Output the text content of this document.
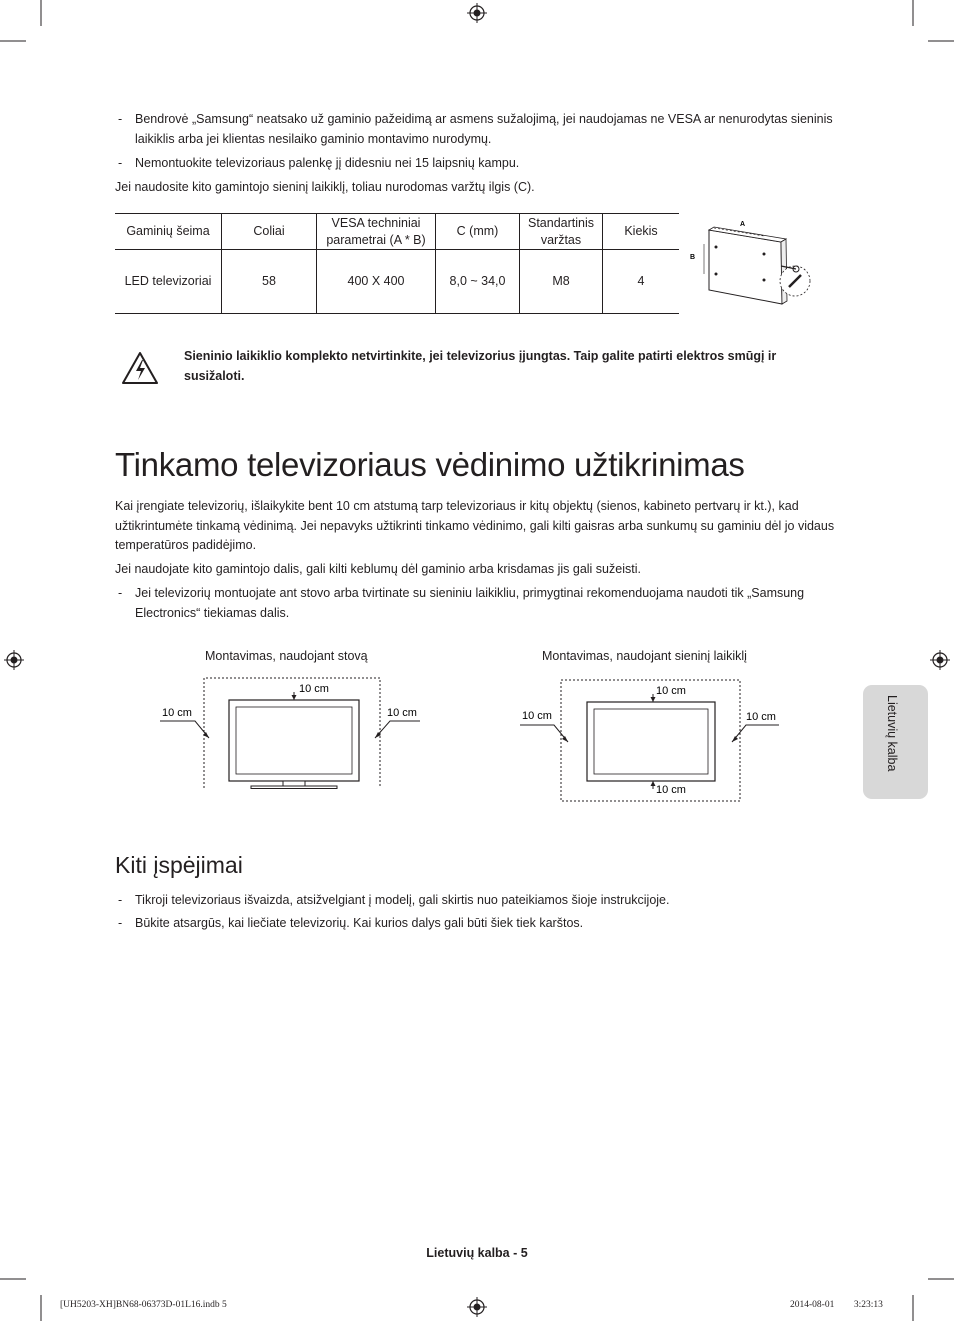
- Bendrovė „Samsung“ neatsako už gaminio pažeidimą ar asmens sužalojimą, jei naudojamas ne VESA ar nenurodytas sieninis laikiklis arba jei klientas nesilaiko gaminio montavimo nurodymų.
- Nemontuokite televizoriaus palenkę jį didesniu nei 15 laipsnių kampu.
Jei naudosite kito gamintojo sieninį laikiklį, toliau nurodomas varžtų ilgis (C).
Gaminių šeima	Coliai	VESA techniniai parametrai (A * B)	C (mm)	Standartinis varžtas	Kiekis
LED televizoriai	58	400 X 400	8,0 ~ 34,0	M8	4
A
B
Sieninio laikiklio komplekto netvirtinkite, jei televizorius įjungtas. Taip galite patirti elektros smūgį ir susižaloti.
Tinkamo televizoriaus vėdinimo užtikrinimas
Kai įrengiate televizorių, išlaikykite bent 10 cm atstumą tarp televizoriaus ir kitų objektų (sienos, kabineto pertvarų ir kt.), kad užtikrintumėte tinkamą vėdinimą. Jei nepavyks užtikrinti tinkamo vėdinimo, gali kilti gaisras arba sunkumų su gaminiu dėl jo vidaus temperatūros padidėjimo.
Jei naudojate kito gamintojo dalis, gali kilti keblumų dėl gaminio arba krisdamas jis gali sužeisti.
- Jei televizorių montuojate ant stovo arba tvirtinate su sieniniu laikikliu, primygtinai rekomenduojama naudoti tik „Samsung Electronics“ tiekiamas dalis.
Montavimas, naudojant stovą	Montavimas, naudojant sieninį laikiklį
10 cm
10 cm	10 cm
10 cm
10 cm
10 cm	10 cm
Kiti įspėjimai
- Tikroji televizoriaus išvaizda, atsižvelgiant į modelį, gali skirtis nuo pateikiamos šioje instrukcijoje.
- Būkite atsargūs, kai liečiate televizorių. Kai kurios dalys gali būti šiek tiek karštos.
Lietuvių kalba
Lietuvių kalba - 5
[UH5203-XH]BN68-06373D-01L16.indb 5	2014-08-01 ￿￿ 3:23:13
